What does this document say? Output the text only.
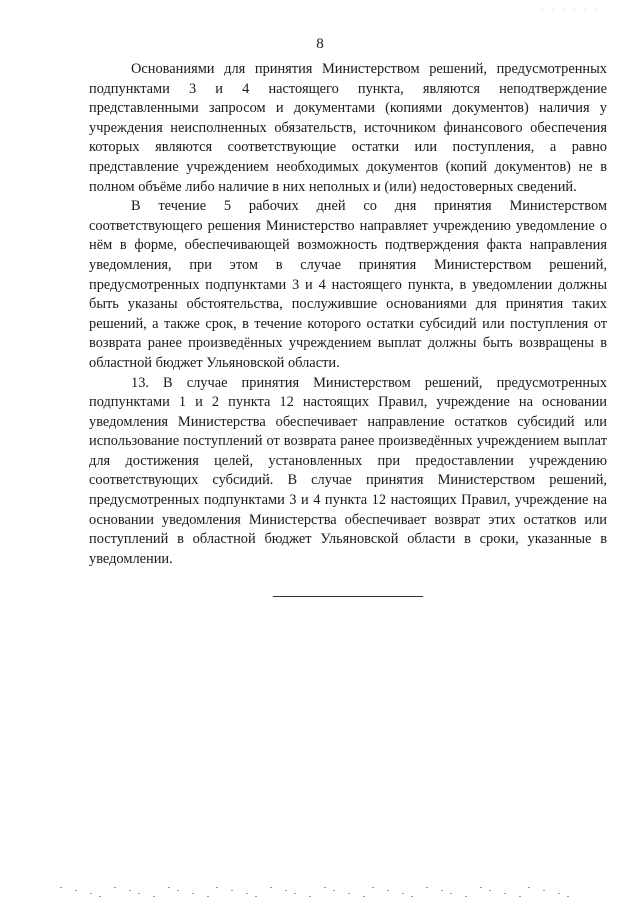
· · · · · ·
8

Основаниями для принятия Министерством решений, предусмотренных подпунктами 3 и 4 настоящего пункта, являются неподтверждение представленными запросом и документами (копиями документов) наличия у учреждения неисполненных обязательств, источником финансового обеспечения которых являются соответствующие остатки или поступления, а равно представление учреждением необходимых документов (копий документов) не в полном объёме либо наличие в них неполных и (или) недостоверных сведений.

В течение 5 рабочих дней со дня принятия Министерством соответствующего решения Министерство направляет учреждению уведомление о нём в форме, обеспечивающей возможность подтверждения факта направления уведомления, при этом в случае принятия Министерством решений, предусмотренных подпунктами 3 и 4 настоящего пункта, в уведомлении должны быть указаны обстоятельства, послужившие основаниями для принятия таких решений, а также срок, в течение которого остатки субсидий или поступления от возврата ранее произведённых учреждением выплат должны быть возвращены в областной бюджет Ульяновской области.

13. В случае принятия Министерством решений, предусмотренных подпунктами 1 и 2 пункта 12 настоящих Правил, учреждение на основании уведомления Министерства обеспечивает направление остатков субсидий или использование поступлений от возврата ранее произведённых учреждением выплат для достижения целей, установленных при предоставлении учреждению соответствующих субсидий. В случае принятия Министерством решений, предусмотренных подпунктами 3 и 4 пункта 12 настоящих Правил, учреждение на основании уведомления Министерства обеспечивает возврат этих остатков или поступлений в областной бюджет Ульяновской области в сроки, указанные в уведомлении.
